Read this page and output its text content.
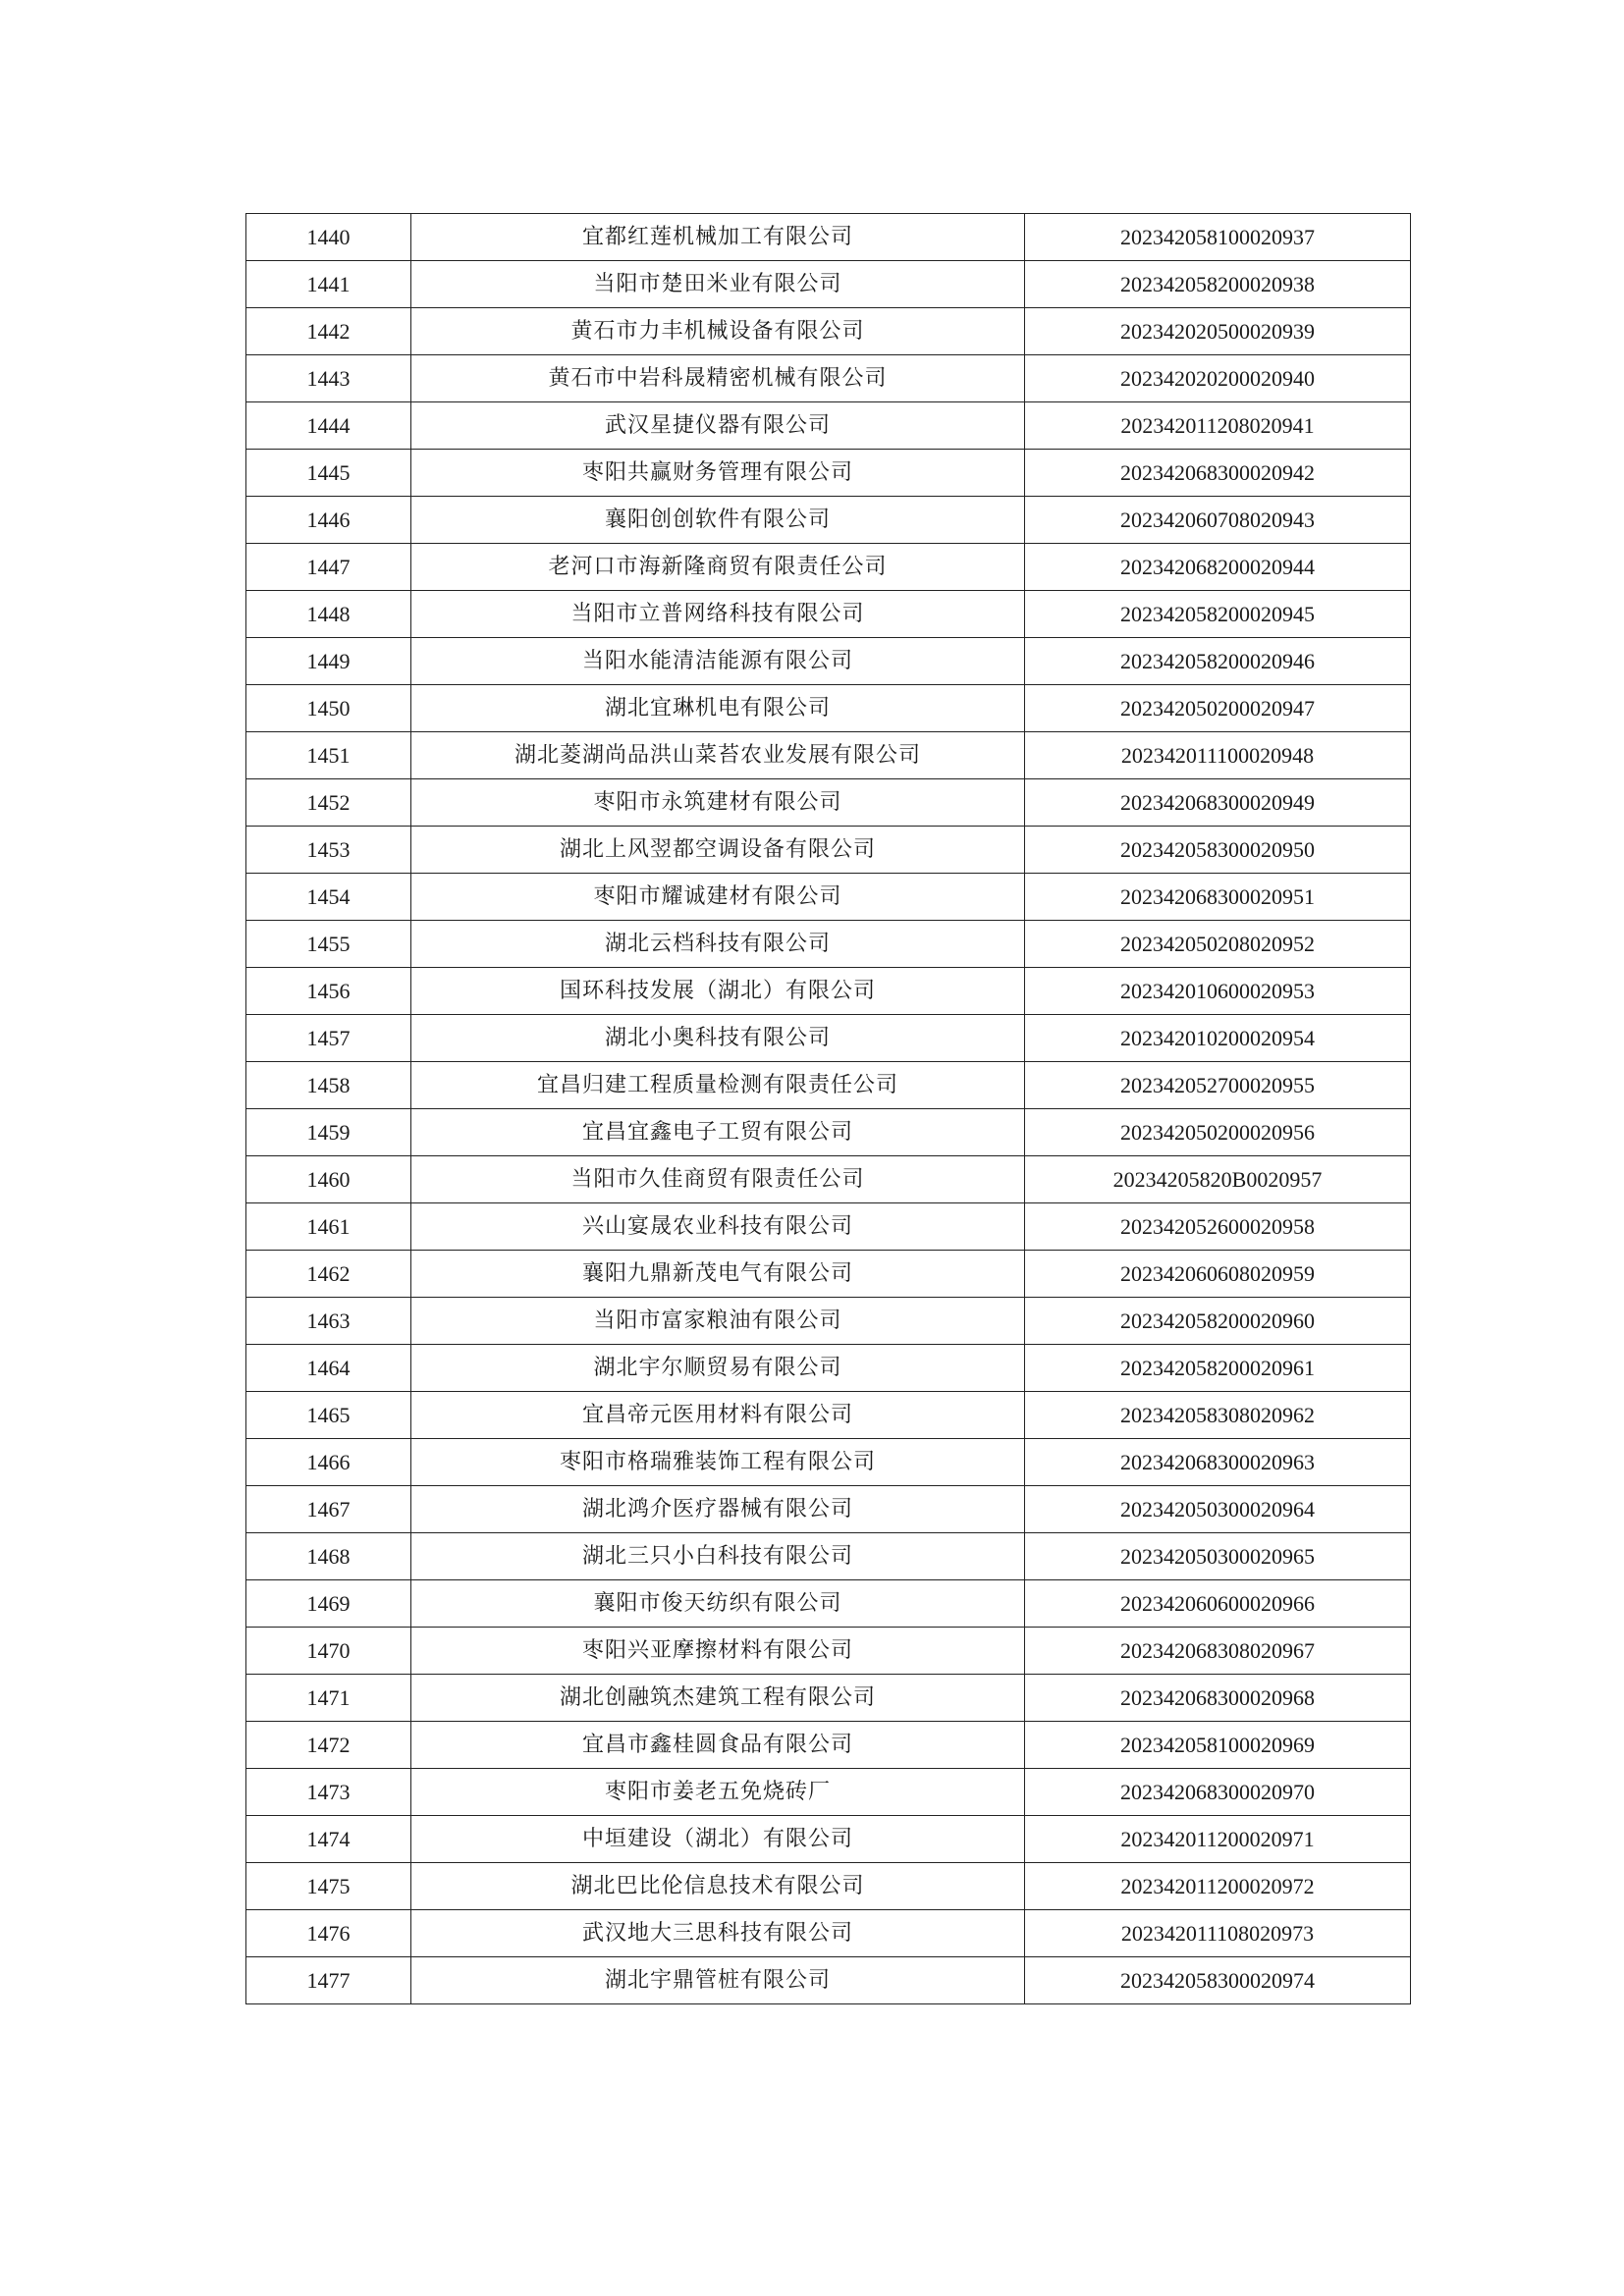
1440	宜都红莲机械加工有限公司	202342058100020937
1441	当阳市楚田米业有限公司	202342058200020938
1442	黄石市力丰机械设备有限公司	202342020500020939
1443	黄石市中岩科晟精密机械有限公司	202342020200020940
1444	武汉星捷仪器有限公司	202342011208020941
1445	枣阳共赢财务管理有限公司	202342068300020942
1446	襄阳创创软件有限公司	202342060708020943
1447	老河口市海新隆商贸有限责任公司	202342068200020944
1448	当阳市立普网络科技有限公司	202342058200020945
1449	当阳水能清洁能源有限公司	202342058200020946
1450	湖北宜琳机电有限公司	202342050200020947
1451	湖北菱湖尚品洪山菜苔农业发展有限公司	202342011100020948
1452	枣阳市永筑建材有限公司	202342068300020949
1453	湖北上风翌都空调设备有限公司	202342058300020950
1454	枣阳市耀诚建材有限公司	202342068300020951
1455	湖北云档科技有限公司	202342050208020952
1456	国环科技发展（湖北）有限公司	202342010600020953
1457	湖北小奥科技有限公司	202342010200020954
1458	宜昌归建工程质量检测有限责任公司	202342052700020955
1459	宜昌宜鑫电子工贸有限公司	202342050200020956
1460	当阳市久佳商贸有限责任公司	20234205820B0020957
1461	兴山宴晟农业科技有限公司	202342052600020958
1462	襄阳九鼎新茂电气有限公司	202342060608020959
1463	当阳市富家粮油有限公司	202342058200020960
1464	湖北宇尔顺贸易有限公司	202342058200020961
1465	宜昌帝元医用材料有限公司	202342058308020962
1466	枣阳市格瑞雅装饰工程有限公司	202342068300020963
1467	湖北鸿介医疗器械有限公司	202342050300020964
1468	湖北三只小白科技有限公司	202342050300020965
1469	襄阳市俊天纺织有限公司	202342060600020966
1470	枣阳兴亚摩擦材料有限公司	202342068308020967
1471	湖北创融筑杰建筑工程有限公司	202342068300020968
1472	宜昌市鑫桂圆食品有限公司	202342058100020969
1473	枣阳市姜老五免烧砖厂	202342068300020970
1474	中垣建设（湖北）有限公司	202342011200020971
1475	湖北巴比伦信息技术有限公司	202342011200020972
1476	武汉地大三思科技有限公司	202342011108020973
1477	湖北宇鼎管桩有限公司	202342058300020974
